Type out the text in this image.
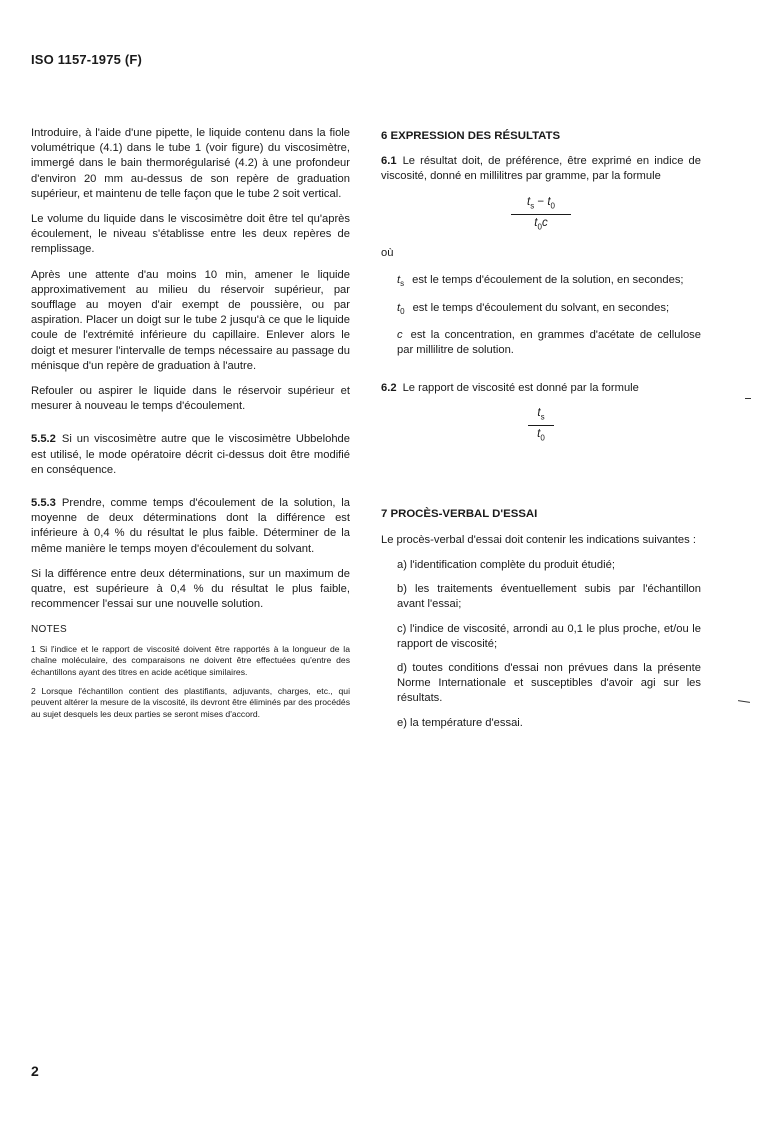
ISO 1157-1975 (F)

Introduire, à l'aide d'une pipette, le liquide contenu dans la fiole volumétrique (4.1) dans le tube 1 (voir figure) du viscosimètre, immergé dans le bain thermorégularisé (4.2) à une profondeur d'environ 20 mm au-dessus de son repère de graduation supérieur, et maintenu de telle façon que le tube 2 soit vertical.

Le volume du liquide dans le viscosimètre doit être tel qu'après écoulement, le niveau s'établisse entre les deux repères de remplissage.

Après une attente d'au moins 10 min, amener le liquide approximativement au milieu du réservoir supérieur, par soufflage au moyen d'air exempt de poussière, ou par aspiration. Placer un doigt sur le tube 2 jusqu'à ce que le liquide coule de l'extrémité inférieure du capillaire. Enlever alors le doigt et mesurer l'intervalle de temps nécessaire au passage du ménisque d'un repère de graduation à l'autre.

Refouler ou aspirer le liquide dans le réservoir supérieur et mesurer à nouveau le temps d'écoulement.

5.5.2 Si un viscosimètre autre que le viscosimètre Ubbelohde est utilisé, le mode opératoire décrit ci-dessus doit être modifié en conséquence.

5.5.3 Prendre, comme temps d'écoulement de la solution, la moyenne de deux déterminations dont la différence est inférieure à 0,4 % du résultat le plus faible. Déterminer de la même manière le temps moyen d'écoulement du solvant.

Si la différence entre deux déterminations, sur un maximum de quatre, est supérieure à 0,4 % du résultat le plus faible, recommencer l'essai sur une nouvelle solution.

NOTES

1 Si l'indice et le rapport de viscosité doivent être rapportés à la longueur de la chaîne moléculaire, des comparaisons ne doivent être effectuées qu'entre des échantillons ayant des titres en acide acétique similaires.

2 Lorsque l'échantillon contient des plastifiants, adjuvants, charges, etc., qui peuvent altérer la mesure de la viscosité, ils devront être éliminés par des procédés au sujet desquels les deux parties se seront mises d'accord.

6 EXPRESSION DES RÉSULTATS

6.1 Le résultat doit, de préférence, être exprimé en indice de viscosité, donné en millilitres par gramme, par la formule

$t_s - t_0$
$t_0c$

où

$t_s$ est le temps d'écoulement de la solution, en secondes;

$t_0$ est le temps d'écoulement du solvant, en secondes;

c est la concentration, en grammes d'acétate de cellulose par millilitre de solution.

6.2 Le rapport de viscosité est donné par la formule

$t_s$
$t_0$
7 PROCÈS-VERBAL D'ESSAI

Le procès-verbal d'essai doit contenir les indications suivantes :

a) l'identification complète du produit étudié;

b) les traitements éventuellement subis par l'échantillon avant l'essai;

c) l'indice de viscosité, arrondi au 0,1 le plus proche, et/ou le rapport de viscosité;

d) toutes conditions d'essai non prévues dans la présente Norme Internationale et susceptibles d'avoir agi sur les résultats.

e) la température d'essai.

2
